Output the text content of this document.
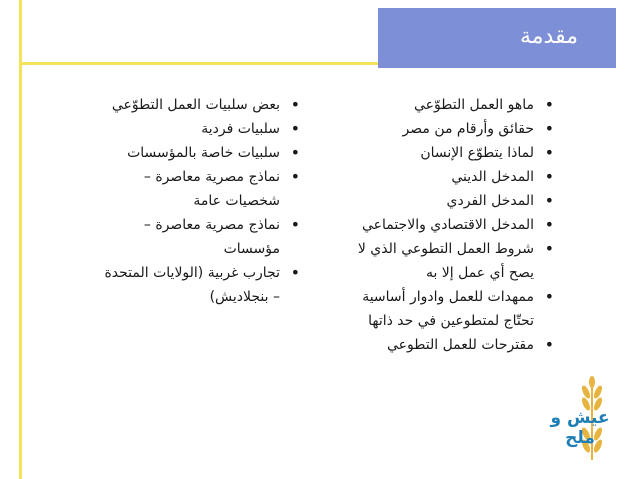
مقدمة
• ماهو العمل التطوّعي
• حقائق وأرقام من مصر
• لماذا يتطوّع الإنسان
• المدخل الديني
• المدخل الفردي
• المدخل الاقتصادي والاجتماعي
• شروط العمل التطوعي الذي لا
يصح أي عمل إلا به
• ممهدات للعمل وادوار أساسية
تحتّاج لمتطوعين في حد ذاتها
• مقترحات للعمل التطوعي
• بعض سلبيات العمل التطوّعي
• سلبيات فردية
• سلبيات خاصة بالمؤسسات
• نماذج مصرية معاصرة –
شخصيات عامة
• نماذج مصرية معاصرة –
مؤسسات
• تجارب غربية (الولايات المتحدة
– بنجلاديش)
عيش و ملح
